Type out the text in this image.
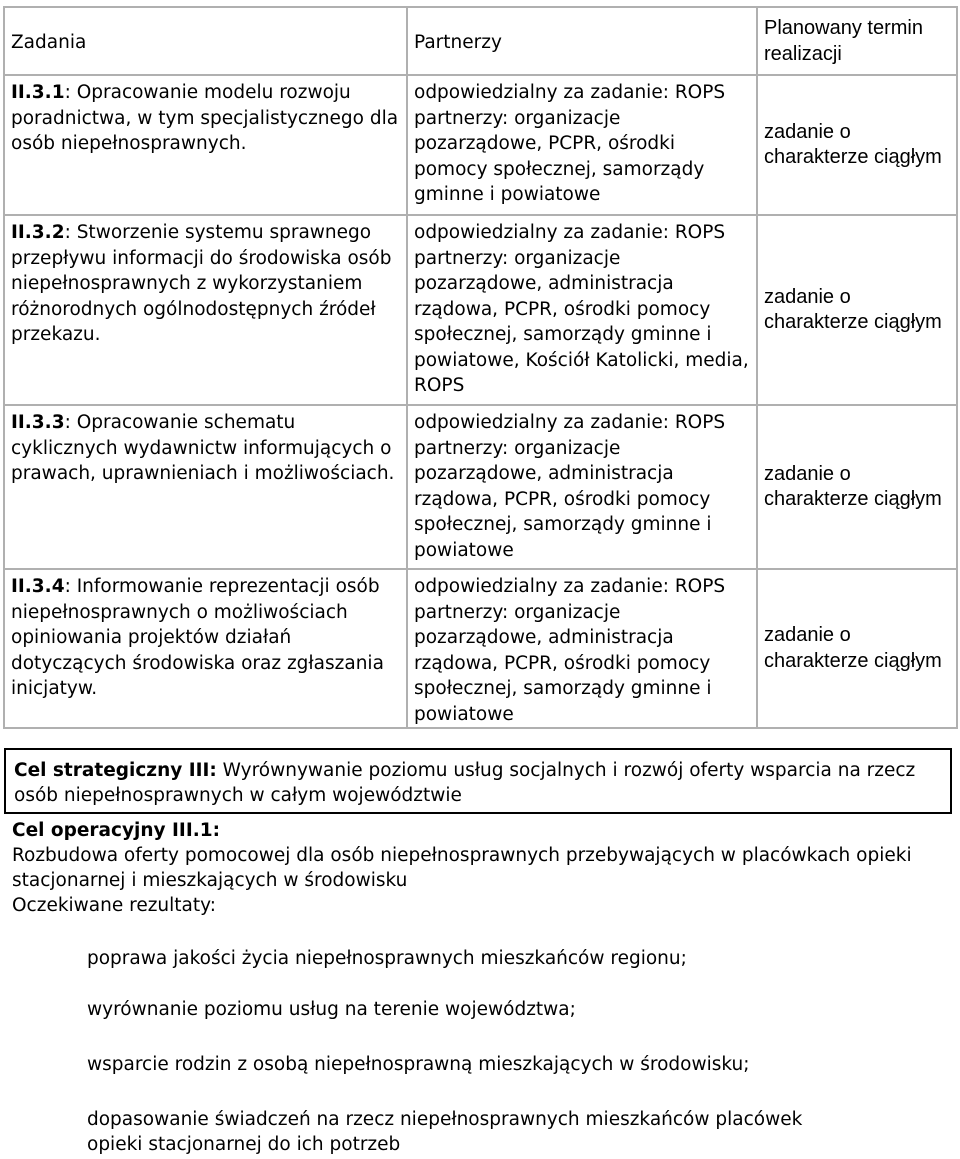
Zadania	Partnerzy	Planowany termin realizacji
II.3.1: Opracowanie modelu rozwoju poradnictwa, w tym specjalistycznego dla osób niepełnosprawnych.	odpowiedzialny za zadanie: ROPS partnerzy: organizacje pozarządowe, PCPR, ośrodki pomocy społecznej, samorządy gminne i powiatowe	zadanie o charakterze ciągłym
II.3.2: Stworzenie systemu sprawnego przepływu informacji do środowiska osób niepełnosprawnych z wykorzystaniem różnorodnych ogólnodostępnych źródeł przekazu.	odpowiedzialny za zadanie: ROPS partnerzy: organizacje pozarządowe, administracja rządowa, PCPR, ośrodki pomocy społecznej, samorządy gminne i powiatowe, Kościół Katolicki, media, ROPS	zadanie o charakterze ciągłym
II.3.3: Opracowanie schematu cyklicznych wydawnictw informujących o prawach, uprawnieniach i możliwościach.	odpowiedzialny za zadanie: ROPS partnerzy: organizacje pozarządowe, administracja rządowa, PCPR, ośrodki pomocy społecznej, samorządy gminne i powiatowe	zadanie o charakterze ciągłym
II.3.4: Informowanie reprezentacji osób niepełnosprawnych o możliwościach opiniowania projektów działań dotyczących środowiska oraz zgłaszania inicjatyw.	odpowiedzialny za zadanie: ROPS partnerzy: organizacje pozarządowe, administracja rządowa, PCPR, ośrodki pomocy społecznej, samorządy gminne i powiatowe	zadanie o charakterze ciągłym
Cel strategiczny III: Wyrównywanie poziomu usług socjalnych i rozwój oferty wsparcia na rzecz osób niepełnosprawnych w całym województwie
Cel operacyjny III.1:
Rozbudowa oferty pomocowej dla osób niepełnosprawnych przebywających w placówkach opieki stacjonarnej i mieszkających w środowisku
Oczekiwane rezultaty:
poprawa jakości życia niepełnosprawnych mieszkańców regionu;
wyrównanie poziomu usług na terenie województwa;
wsparcie rodzin z osobą niepełnosprawną mieszkających w środowisku;
dopasowanie świadczeń na rzecz niepełnosprawnych mieszkańców placówek opieki stacjonarnej do ich potrzeb
